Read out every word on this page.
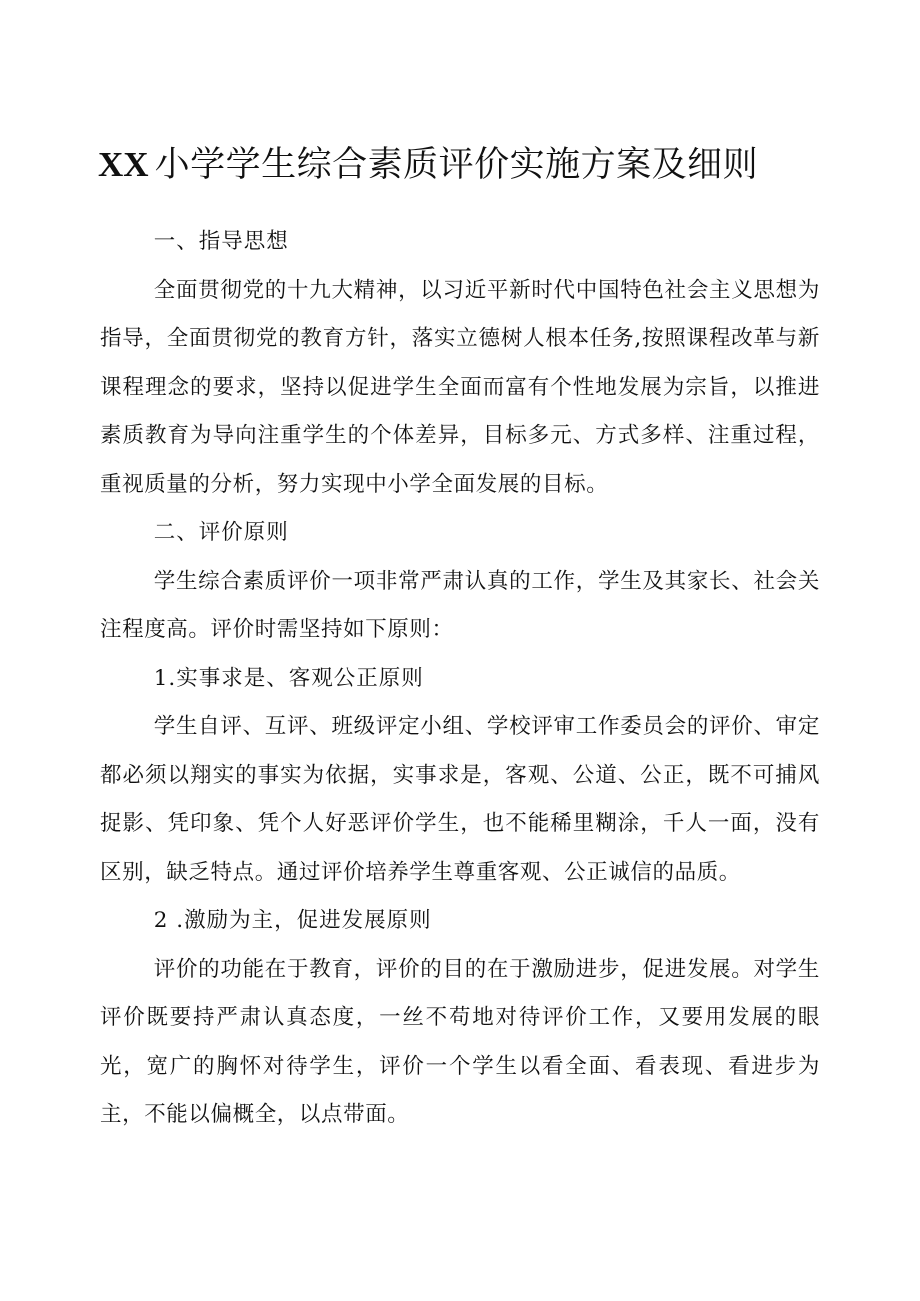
XX 小学学生综合素质评价实施方案及细则

一、指导思想

全面贯彻党的十九大精神，以习近平新时代中国特色社会主义思想为指导，全面贯彻党的教育方针，落实立德树人根本任务,按照课程改革与新课程理念的要求，坚持以促进学生全面而富有个性地发展为宗旨，以推进素质教育为导向注重学生的个体差异，目标多元、方式多样、注重过程，重视质量的分析，努力实现中小学全面发展的目标。

二、评价原则

学生综合素质评价一项非常严肃认真的工作，学生及其家长、社会关注程度高。评价时需坚持如下原则：

1.实事求是、客观公正原则

学生自评、互评、班级评定小组、学校评审工作委员会的评价、审定都必须以翔实的事实为依据，实事求是，客观、公道、公正，既不可捕风捉影、凭印象、凭个人好恶评价学生，也不能稀里糊涂，千人一面，没有区别，缺乏特点。通过评价培养学生尊重客观、公正诚信的品质。

2 .激励为主，促进发展原则

评价的功能在于教育，评价的目的在于激励进步，促进发展。对学生评价既要持严肃认真态度，一丝不苟地对待评价工作，又要用发展的眼光，宽广的胸怀对待学生，评价一个学生以看全面、看表现、看进步为主，不能以偏概全，以点带面。
